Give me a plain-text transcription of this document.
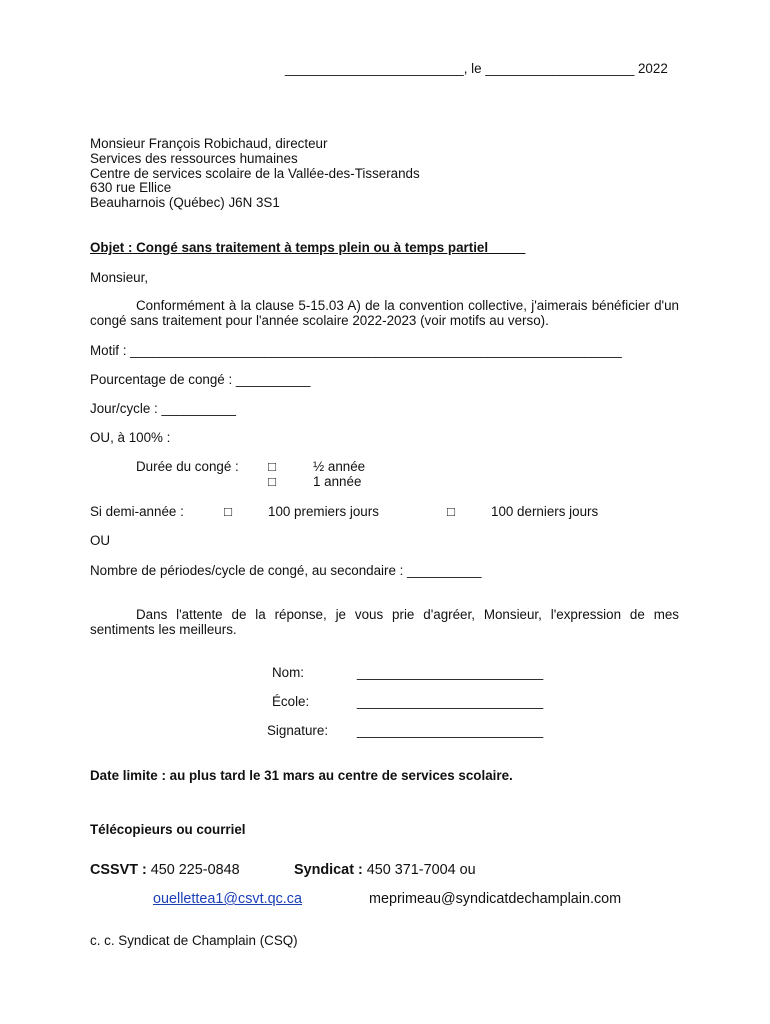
________________________, le ____________________ 2022
Monsieur François Robichaud, directeur
Services des ressources humaines
Centre de services scolaire de la Vallée-des-Tisserands
630 rue Ellice
Beauharnois (Québec) J6N 3S1
Objet : Congé sans traitement à temps plein ou à temps partiel_____
Monsieur,
Conformément à la clause 5-15.03 A) de la convention collective, j'aimerais bénéficier d'un congé sans traitement pour l'année scolaire 2022-2023 (voir motifs au verso).
Motif : __________________________________________________________________
Pourcentage de congé : __________
Jour/cycle : __________
OU, à 100% :
Durée du congé : □	½ année
□	1 année
Si demi-année :	□	100 premiers jours	□	100 derniers jours
OU
Nombre de périodes/cycle de congé, au secondaire : __________
Dans l'attente de la réponse, je vous prie d'agréer, Monsieur, l'expression de mes sentiments les meilleurs.
Nom:	_________________________
École:	_________________________
Signature: _________________________
Date limite : au plus tard le 31 mars au centre de services scolaire.
Télécopieurs ou courriel
CSSVT : 450 225-0848	Syndicat : 450 371-7004 ou
ouellettea1@csvt.qc.ca	meprimeau@syndicatdechamplain.com
c. c. Syndicat de Champlain (CSQ)
